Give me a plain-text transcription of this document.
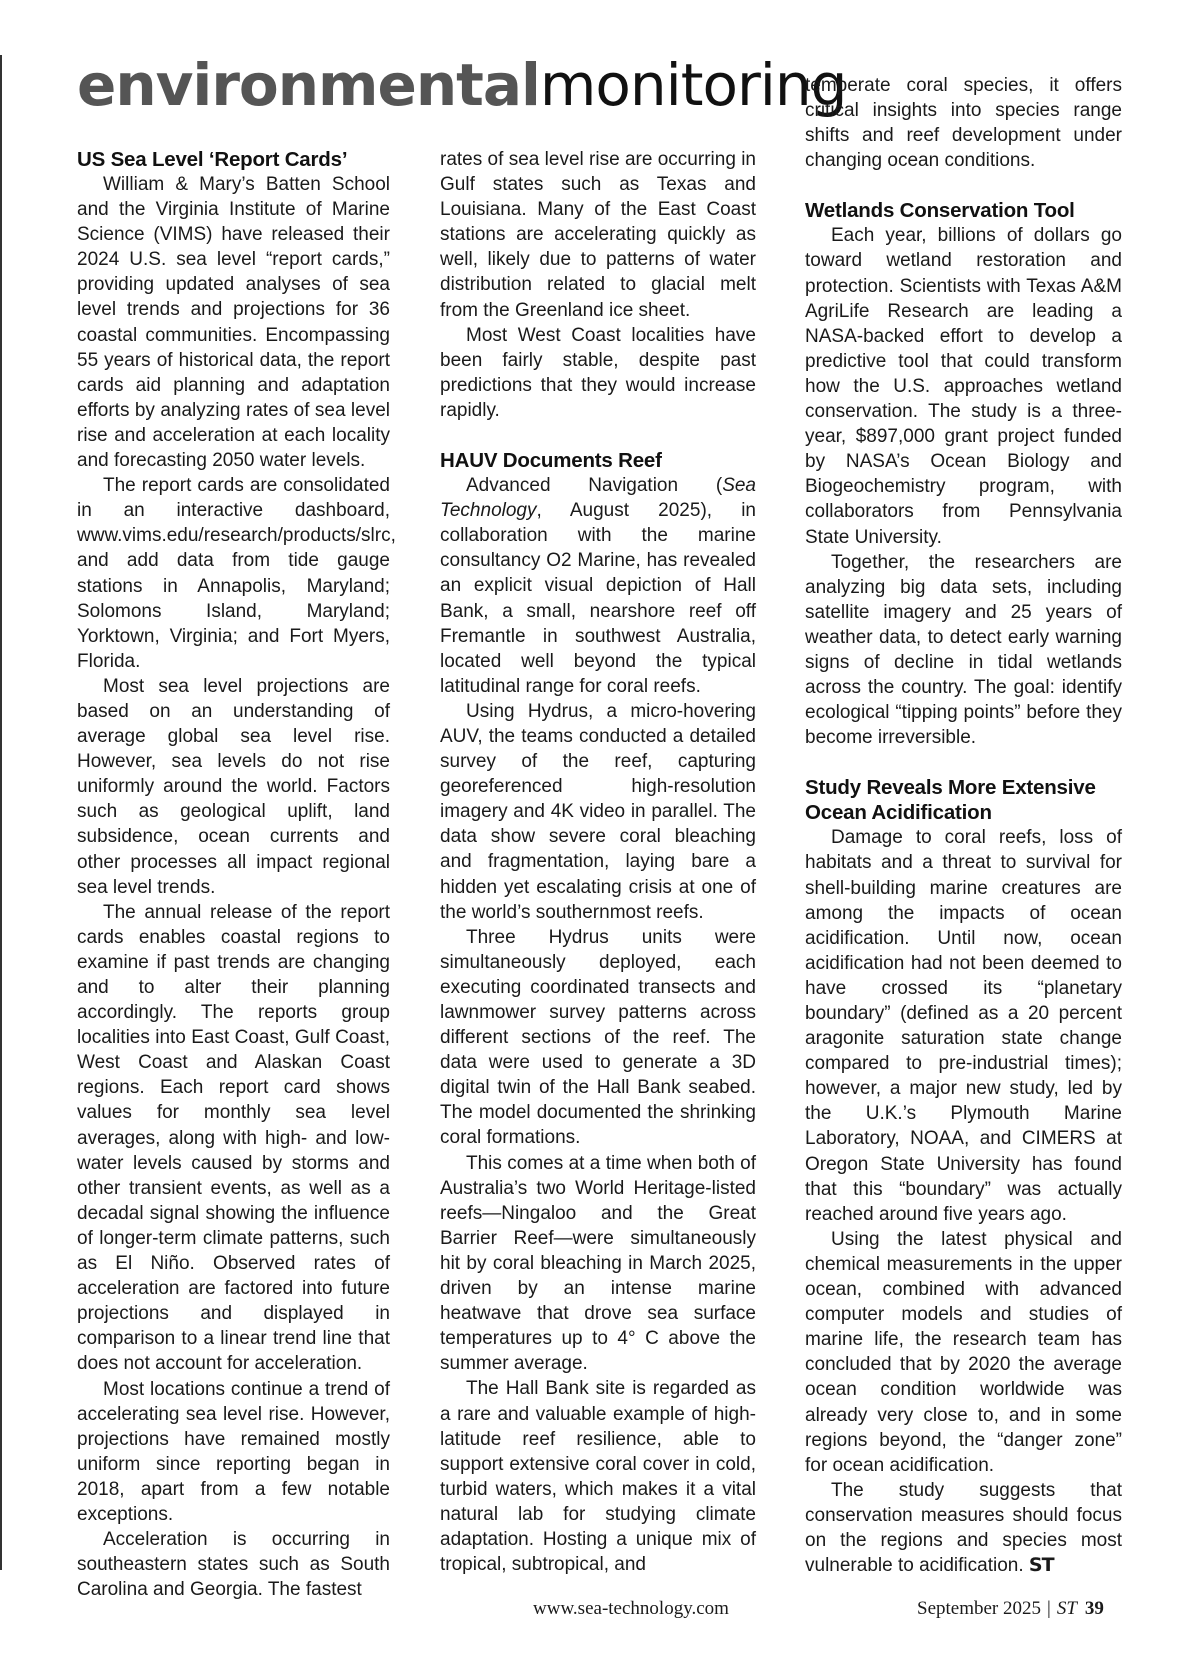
environmentalmonitoring
US Sea Level ‘Report Cards’

William & Mary’s Batten School and the Virginia Institute of Marine Science (VIMS) have released their 2024 U.S. sea level “report cards,” providing updated analyses of sea level trends and projections for 36 coastal communities. Encompassing 55 years of historical data, the report cards aid planning and adaptation efforts by analyzing rates of sea level rise and acceleration at each locality and forecasting 2050 water levels.

The report cards are consolidated in an interactive dashboard, www.vims.edu/research/products/slrc, and add data from tide gauge stations in Annapolis, Maryland; Solomons Island, Maryland; Yorktown, Virginia; and Fort Myers, Florida.

Most sea level projections are based on an understanding of average global sea level rise. However, sea levels do not rise uniformly around the world. Factors such as geological uplift, land subsidence, ocean currents and other processes all impact regional sea level trends.

The annual release of the report cards enables coastal regions to examine if past trends are changing and to alter their planning accordingly. The reports group localities into East Coast, Gulf Coast, West Coast and Alaskan Coast regions. Each report card shows values for monthly sea level averages, along with high- and low-water levels caused by storms and other transient events, as well as a decadal signal showing the influence of longer-term climate patterns, such as El Niño. Observed rates of acceleration are factored into future projections and displayed in comparison to a linear trend line that does not account for acceleration.

Most locations continue a trend of accelerating sea level rise. However, projections have remained mostly uniform since reporting began in 2018, apart from a few notable exceptions.

Acceleration is occurring in southeastern states such as South Carolina and Georgia. The fastest

rates of sea level rise are occurring in Gulf states such as Texas and Louisiana. Many of the East Coast stations are accelerating quickly as well, likely due to patterns of water distribution related to glacial melt from the Greenland ice sheet.

Most West Coast localities have been fairly stable, despite past predictions that they would increase rapidly.

HAUV Documents Reef

Advanced Navigation (Sea Technology, August 2025), in collaboration with the marine consultancy O2 Marine, has revealed an explicit visual depiction of Hall Bank, a small, nearshore reef off Fremantle in southwest Australia, located well beyond the typical latitudinal range for coral reefs.

Using Hydrus, a micro-hovering AUV, the teams conducted a detailed survey of the reef, capturing georeferenced high-resolution imagery and 4K video in parallel. The data show severe coral bleaching and fragmentation, laying bare a hidden yet escalating crisis at one of the world’s southernmost reefs.

Three Hydrus units were simultaneously deployed, each executing coordinated transects and lawnmower survey patterns across different sections of the reef. The data were used to generate a 3D digital twin of the Hall Bank seabed. The model documented the shrinking coral formations.

This comes at a time when both of Australia’s two World Heritage-listed reefs—Ningaloo and the Great Barrier Reef—were simultaneously hit by coral bleaching in March 2025, driven by an intense marine heatwave that drove sea surface temperatures up to 4° C above the summer average.

The Hall Bank site is regarded as a rare and valuable example of high-latitude reef resilience, able to support extensive coral cover in cold, turbid waters, which makes it a vital natural lab for studying climate adaptation. Hosting a unique mix of tropical, subtropical, and

temperate coral species, it offers critical insights into species range shifts and reef development under changing ocean conditions.

Wetlands Conservation Tool

Each year, billions of dollars go toward wetland restoration and protection. Scientists with Texas A&M AgriLife Research are leading a NASA-backed effort to develop a predictive tool that could transform how the U.S. approaches wetland conservation. The study is a three-year, $897,000 grant project funded by NASA’s Ocean Biology and Biogeochemistry program, with collaborators from Pennsylvania State University.

Together, the researchers are analyzing big data sets, including satellite imagery and 25 years of weather data, to detect early warning signs of decline in tidal wetlands across the country. The goal: identify ecological “tipping points” before they become irreversible.

Study Reveals More Extensive Ocean Acidification

Damage to coral reefs, loss of habitats and a threat to survival for shell-building marine creatures are among the impacts of ocean acidification. Until now, ocean acidification had not been deemed to have crossed its “planetary boundary” (defined as a 20 percent aragonite saturation state change compared to pre-industrial times); however, a major new study, led by the U.K.’s Plymouth Marine Laboratory, NOAA, and CIMERS at Oregon State University has found that this “boundary” was actually reached around five years ago.

Using the latest physical and chemical measurements in the upper ocean, combined with advanced computer models and studies of marine life, the research team has concluded that by 2020 the average ocean condition worldwide was already very close to, and in some regions beyond, the “danger zone” for ocean acidification.

The study suggests that conservation measures should focus on the regions and species most vulnerable to acidification. ST

www.sea-technology.com	September 2025 | ST 39
